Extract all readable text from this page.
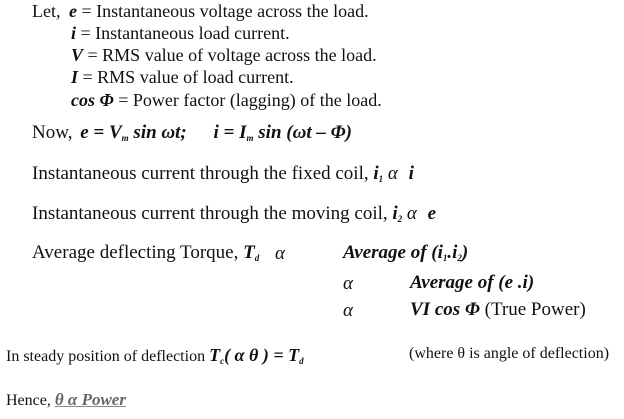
Let, e = Instantaneous voltage across the load.
i = Instantaneous load current.
V = RMS value of voltage across the load.
I = RMS value of load current.
cos Φ = Power factor (lagging) of the load.
Now, $e = V_m$ sin ωt; $i = I_m$ sin (ωt – Φ)
Instantaneous current through the fixed coil, $i_1$ α i
Instantaneous current through the moving coil, $i_2$ α e
Average deflecting Torque, $T_d$ α	Average of $(i_1.i_2)$
α	Average of (e .i)
α	VI cos Φ (True Power)
In steady position of deflection $T_c$( α θ ) = $T_d$	(where θ is angle of deflection)
Hence, θ α Power
